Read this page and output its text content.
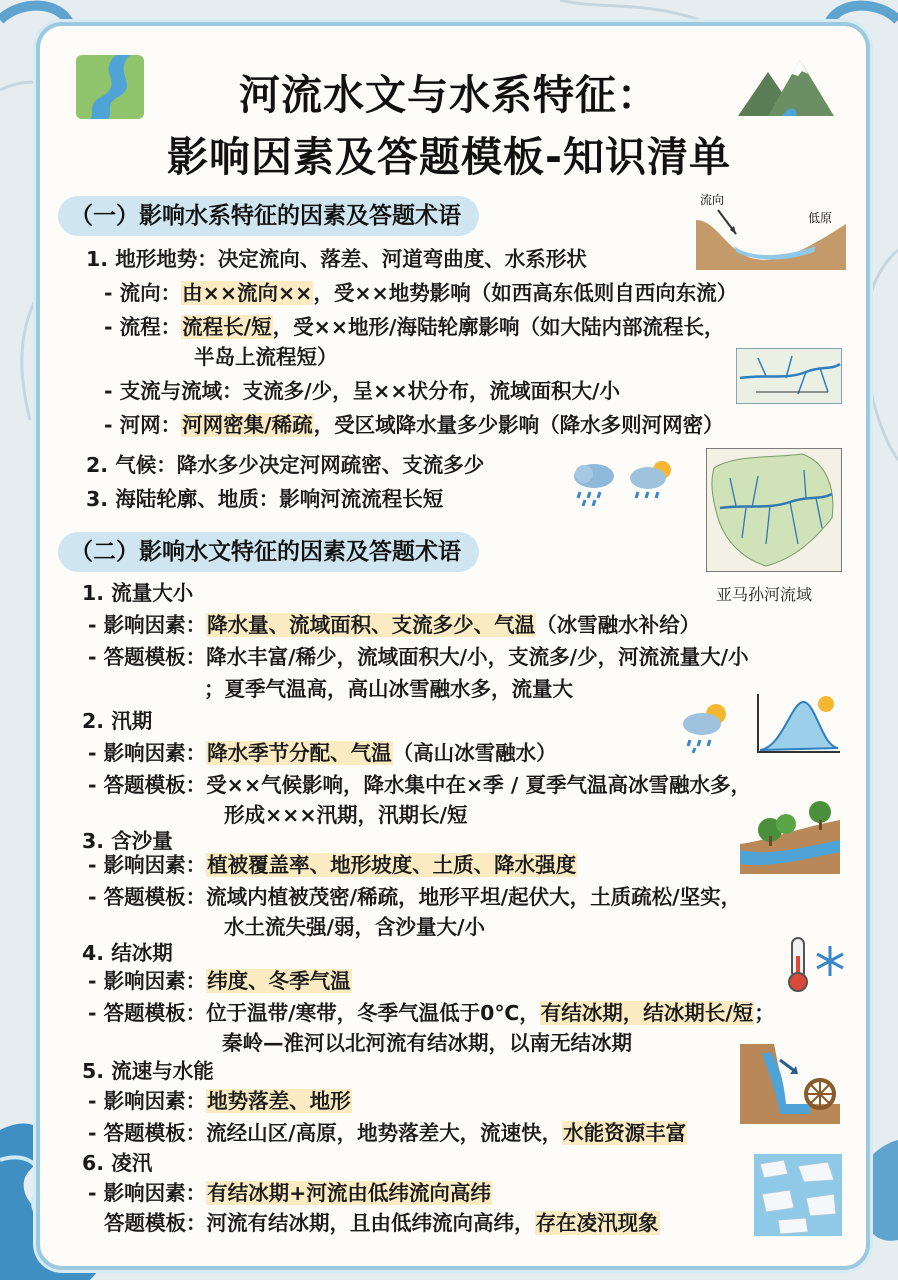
河流水文与水系特征：
影响因素及答题模板-知识清单
（一）影响水系特征的因素及答题术语
流向
低原
1. 地形地势：决定流向、落差、河道弯曲度、水系形状
- 流向：由××流向××，受××地势影响（如西高东低则自西向东流）
- 流程：流程长/短，受××地形/海陆轮廓影响（如大陆内部流程长，
半岛上流程短）
- 支流与流域：支流多/少，呈××状分布，流域面积大/小
- 河网：河网密集/稀疏，受区域降水量多少影响（降水多则河网密）
2. 气候：降水多少决定河网疏密、支流多少
3. 海陆轮廓、地质：影响河流流程长短
亚马孙河流域
（二）影响水文特征的因素及答题术语
1. 流量大小
- 影响因素：降水量、流域面积、支流多少、气温（冰雪融水补给）
- 答题模板：降水丰富/稀少，流域面积大/小，支流多/少，河流流量大/小
；夏季气温高，高山冰雪融水多，流量大
2. 汛期
- 影响因素：降水季节分配、气温（高山冰雪融水）
- 答题模板：受××气候影响，降水集中在×季 / 夏季气温高冰雪融水多，
形成×××汛期，汛期长/短
3. 含沙量
- 影响因素：植被覆盖率、地形坡度、土质、降水强度
- 答题模板：流域内植被茂密/稀疏，地形平坦/起伏大，土质疏松/坚实，
水土流失强/弱，含沙量大/小
4. 结冰期
- 影响因素：纬度、冬季气温
- 答题模板：位于温带/寒带，冬季气温低于0℃，有结冰期，结冰期长/短；
秦岭—淮河以北河流有结冰期，以南无结冰期
5. 流速与水能
- 影响因素：地势落差、地形
- 答题模板：流经山区/高原，地势落差大，流速快，水能资源丰富
6. 凌汛
- 影响因素：有结冰期+河流由低纬流向高纬
答题模板：河流有结冰期，且由低纬流向高纬，存在凌汛现象
